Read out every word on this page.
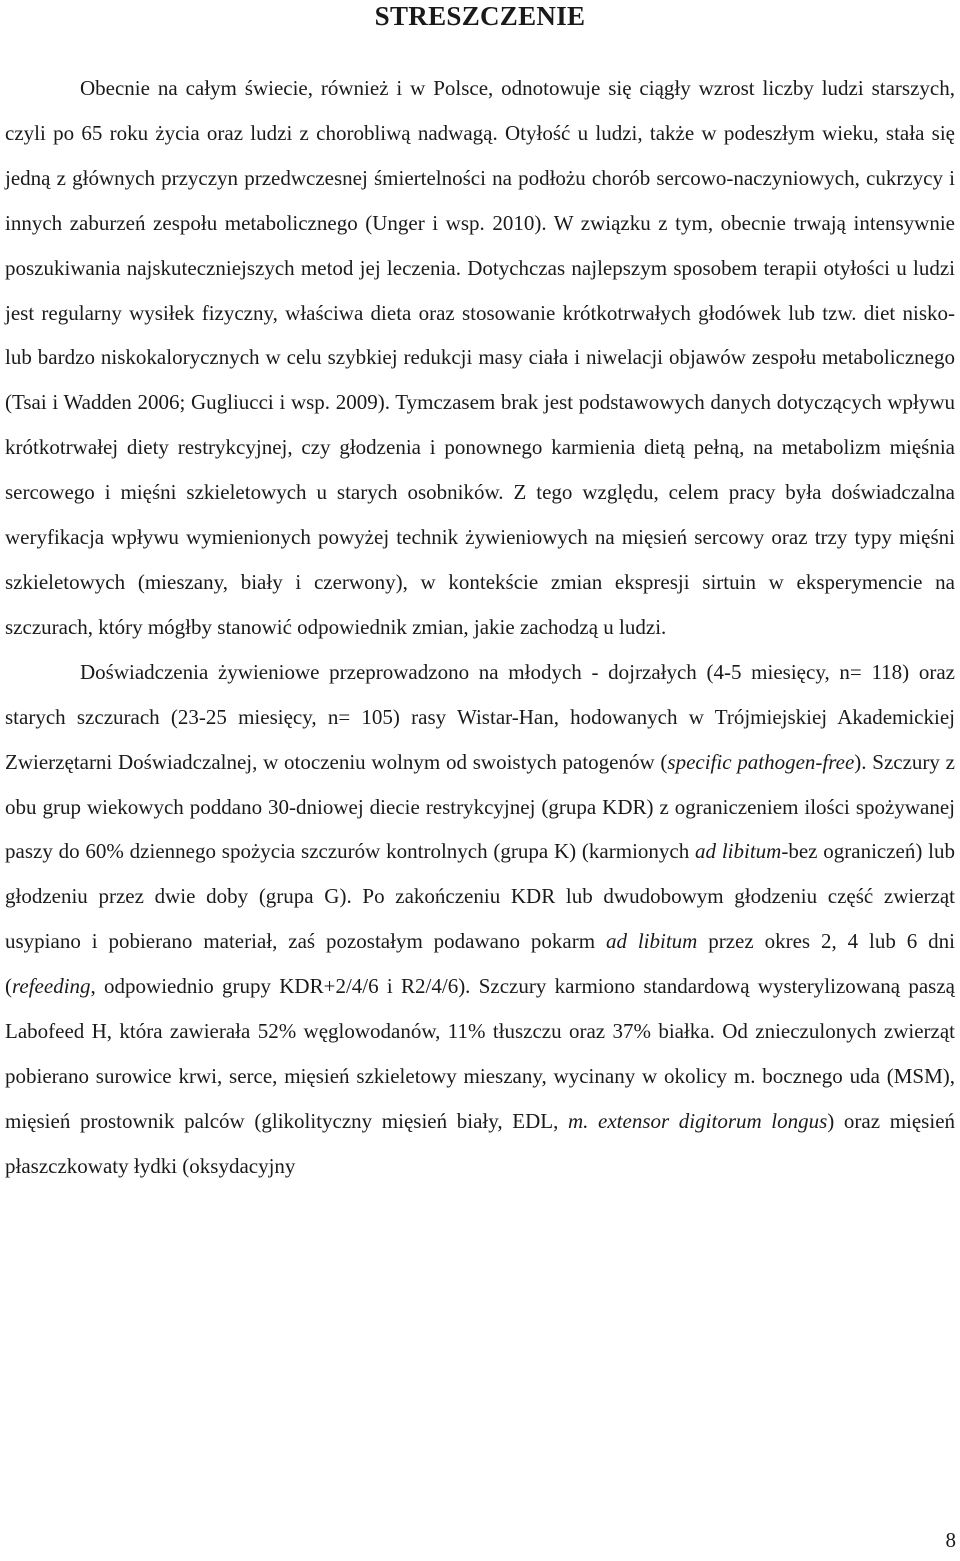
STRESZCZENIE

Obecnie na całym świecie, również i w Polsce, odnotowuje się ciągły wzrost liczby ludzi starszych, czyli po 65 roku życia oraz ludzi z chorobliwą nadwagą. Otyłość u ludzi, także w podeszłym wieku, stała się jedną z głównych przyczyn przedwczesnej śmiertelności na podłożu chorób sercowo-naczyniowych, cukrzycy i innych zaburzeń zespołu metabolicznego (Unger i wsp. 2010). W związku z tym, obecnie trwają intensywnie poszukiwania najskuteczniejszych metod jej leczenia. Dotychczas najlepszym sposobem terapii otyłości u ludzi jest regularny wysiłek fizyczny, właściwa dieta oraz stosowanie krótkotrwałych głodówek lub tzw. diet nisko- lub bardzo niskokalorycznych w celu szybkiej redukcji masy ciała i niwelacji objawów zespołu metabolicznego (Tsai i Wadden 2006; Gugliucci i wsp. 2009). Tymczasem brak jest podstawowych danych dotyczących wpływu krótkotrwałej diety restrykcyjnej, czy głodzenia i ponownego karmienia dietą pełną, na metabolizm mięśnia sercowego i mięśni szkieletowych u starych osobników. Z tego względu, celem pracy była doświadczalna weryfikacja wpływu wymienionych powyżej technik żywieniowych na mięsień sercowy oraz trzy typy mięśni szkieletowych (mieszany, biały i czerwony), w kontekście zmian ekspresji sirtuin w eksperymencie na szczurach, który mógłby stanowić odpowiednik zmian, jakie zachodzą u ludzi.

Doświadczenia żywieniowe przeprowadzono na młodych - dojrzałych (4-5 miesięcy, n= 118) oraz starych szczurach (23-25 miesięcy, n= 105) rasy Wistar-Han, hodowanych w Trójmiejskiej Akademickiej Zwierzętarni Doświadczalnej, w otoczeniu wolnym od swoistych patogenów (specific pathogen-free). Szczury z obu grup wiekowych poddano 30-dniowej diecie restrykcyjnej (grupa KDR) z ograniczeniem ilości spożywanej paszy do 60% dziennego spożycia szczurów kontrolnych (grupa K) (karmionych ad libitum-bez ograniczeń) lub głodzeniu przez dwie doby (grupa G). Po zakończeniu KDR lub dwudobowym głodzeniu część zwierząt usypiano i pobierano materiał, zaś pozostałym podawano pokarm ad libitum przez okres 2, 4 lub 6 dni (refeeding, odpowiednio grupy KDR+2/4/6 i R2/4/6). Szczury karmiono standardową wysterylizowaną paszą Labofeed H, która zawierała 52% węglowodanów, 11% tłuszczu oraz 37% białka. Od znieczulonych zwierząt pobierano surowice krwi, serce, mięsień szkieletowy mieszany, wycinany w okolicy m. bocznego uda (MSM), mięsień prostownik palców (glikolityczny mięsień biały, EDL, m. extensor digitorum longus) oraz mięsień płaszczkowaty łydki (oksydacyjny

8
